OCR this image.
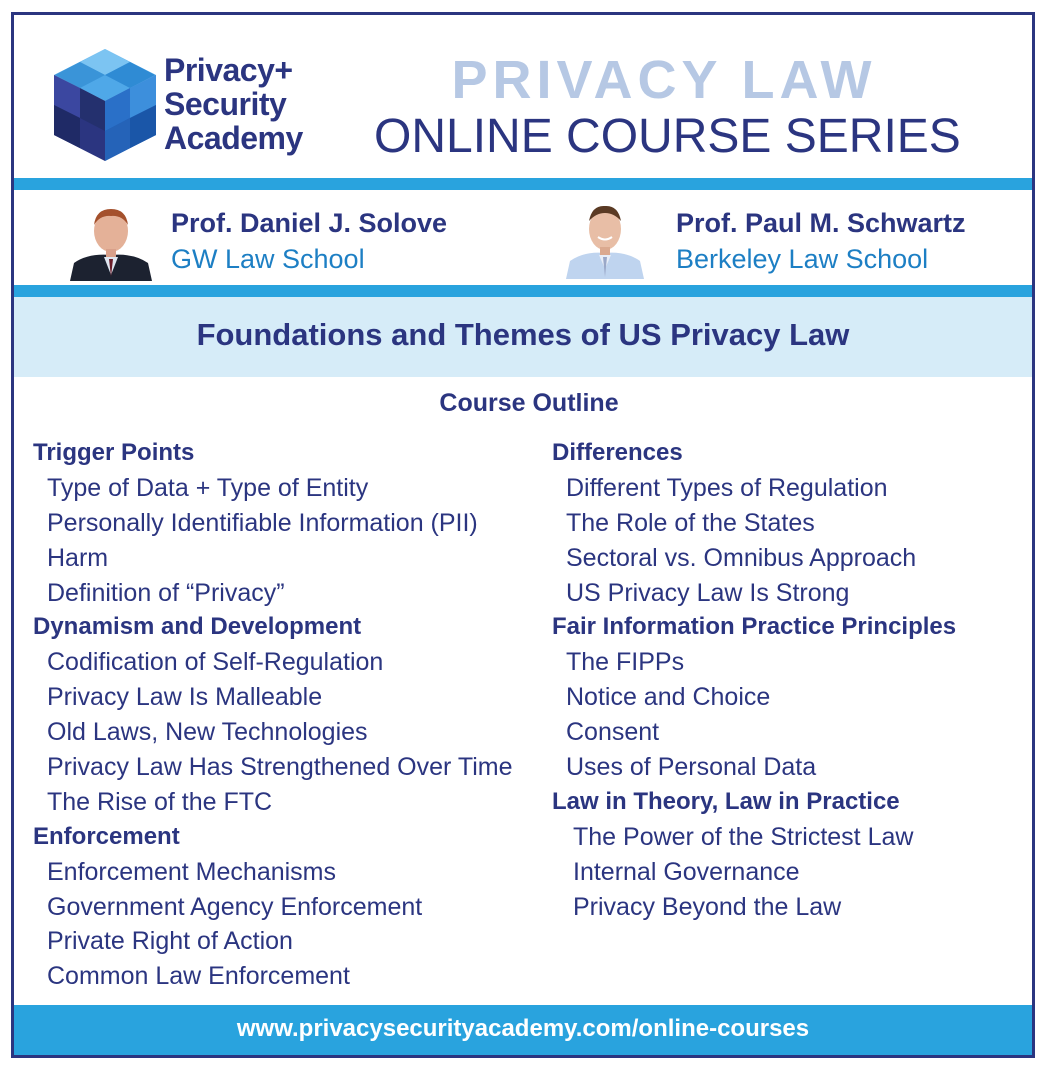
Privacy+
Security
Academy
PRIVACY LAW
ONLINE COURSE SERIES
Prof. Daniel J. Solove
GW Law School
Prof. Paul M. Schwartz
Berkeley Law School
Foundations and Themes of US Privacy Law
Course Outline
Trigger Points
Type of Data + Type of Entity
Personally Identifiable Information (PII)
Harm
Definition of “Privacy”
Dynamism and Development
Codification of Self-Regulation
Privacy Law Is Malleable
Old Laws, New Technologies
Privacy Law Has Strengthened Over Time
The Rise of the FTC
Enforcement
Enforcement Mechanisms
Government Agency Enforcement
Private Right of Action
Common Law Enforcement
Differences
Different Types of Regulation
The Role of the States
Sectoral vs. Omnibus Approach
US Privacy Law Is Strong
Fair Information Practice Principles
The FIPPs
Notice and Choice
Consent
Uses of Personal Data
Law in Theory, Law in Practice
The Power of the Strictest Law
Internal Governance
Privacy Beyond the Law
www.privacysecurityacademy.com/online-courses
